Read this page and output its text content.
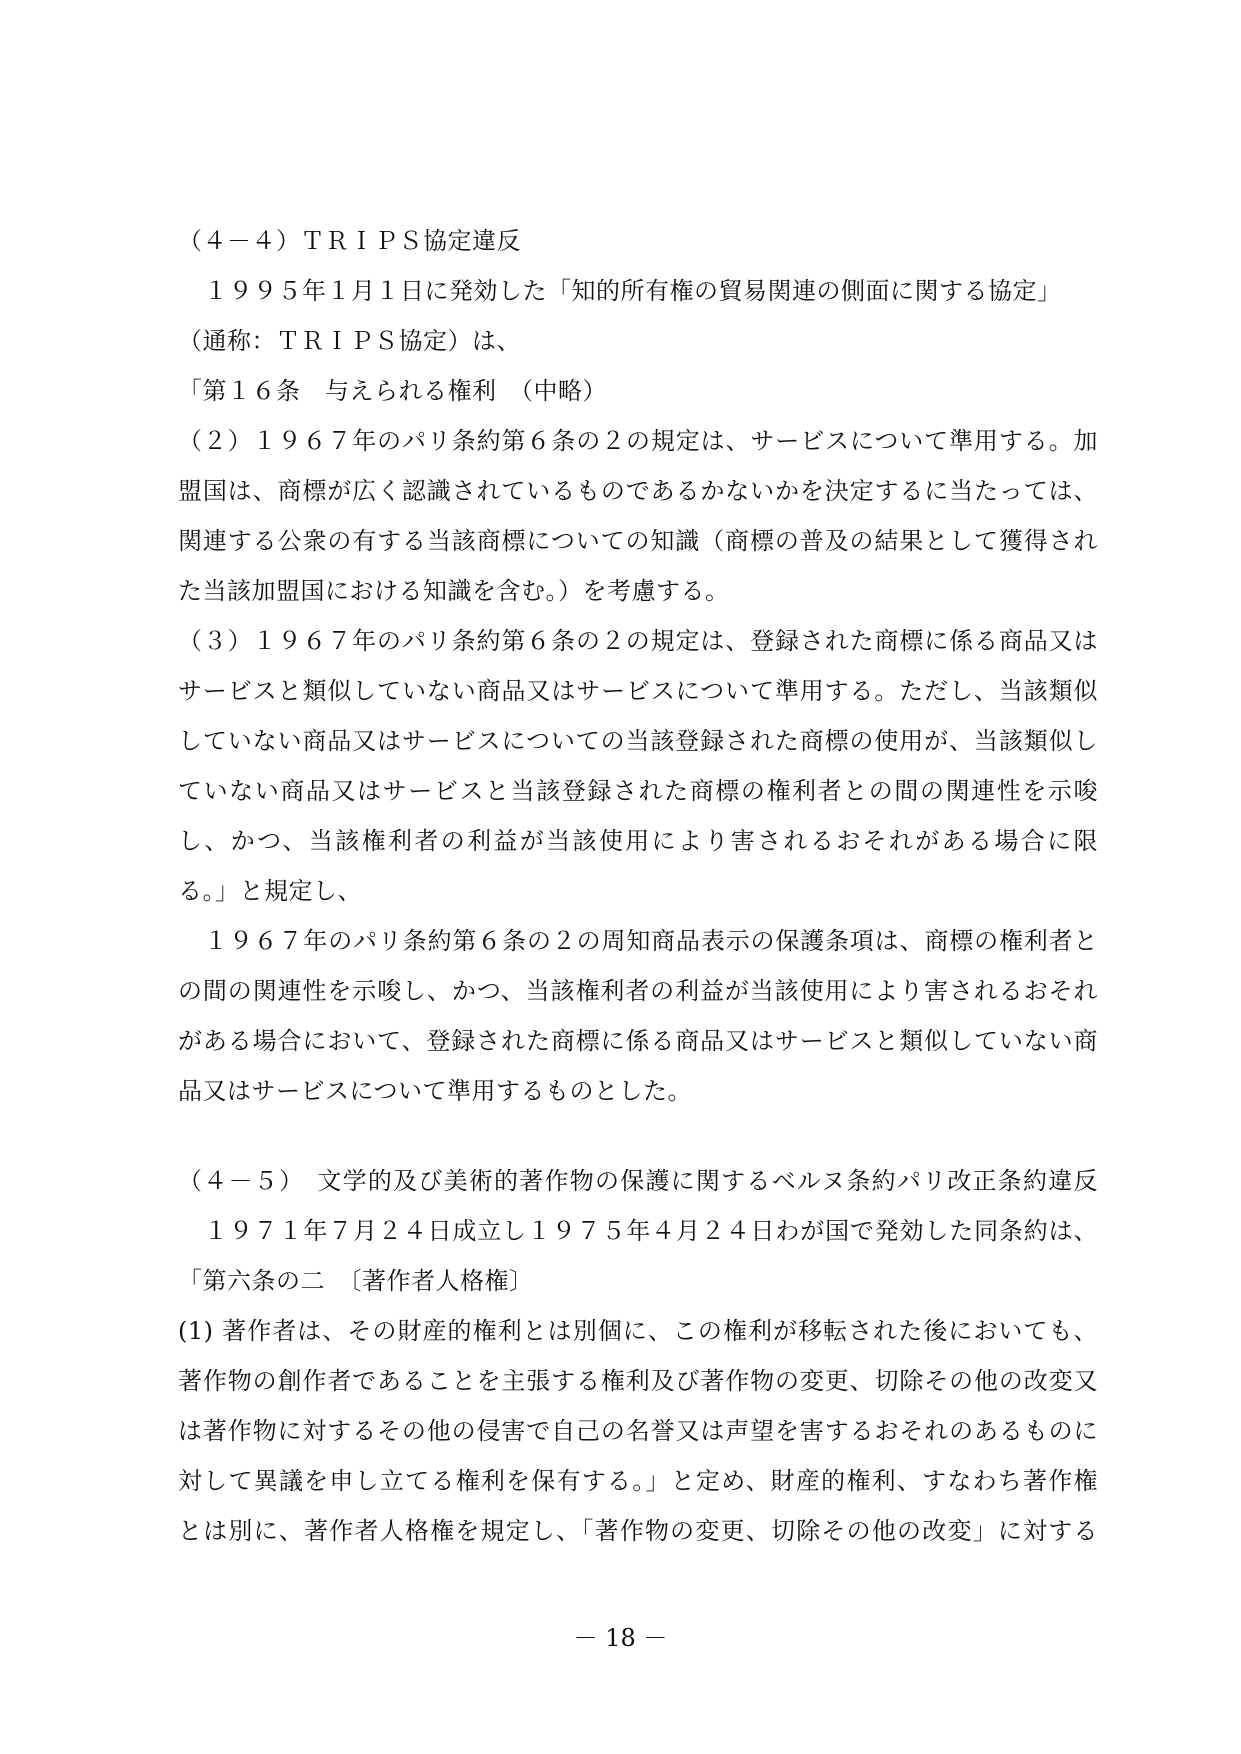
（４－４）ＴＲＩＰＳ協定違反
１９９５年１月１日に発効した「知的所有権の貿易関連の側面に関する協定」
（通称：ＴＲＩＰＳ協定）は、
「第１６条　与えられる権利　（中略）
（２）１９６７年のパリ条約第６条の２の規定は、サービスについて準用する。加
盟国は、商標が広く認識されているものであるかないかを決定するに当たっては、
関連する公衆の有する当該商標についての知識（商標の普及の結果として獲得され
た当該加盟国における知識を含む。）を考慮する。
（３）１９６７年のパリ条約第６条の２の規定は、登録された商標に係る商品又は
サービスと類似していない商品又はサービスについて準用する。ただし、当該類似
していない商品又はサービスについての当該登録された商標の使用が、当該類似し
ていない商品又はサービスと当該登録された商標の権利者との間の関連性を示唆
し、かつ、当該権利者の利益が当該使用により害されるおそれがある場合に限
る。」と規定し、
１９６７年のパリ条約第６条の２の周知商品表示の保護条項は、商標の権利者と
の間の関連性を示唆し、かつ、当該権利者の利益が当該使用により害されるおそれ
がある場合において、登録された商標に係る商品又はサービスと類似していない商
品又はサービスについて準用するものとした。
（４－５）　文学的及び美術的著作物の保護に関するベルヌ条約パリ改正条約違反
１９７１年７月２４日成立し１９７５年４月２４日わが国で発効した同条約は、
「第六条の二　〔著作者人格権〕
(1) 著作者は、その財産的権利とは別個に、この権利が移転された後においても、
著作物の創作者であることを主張する権利及び著作物の変更、切除その他の改変又
は著作物に対するその他の侵害で自己の名誉又は声望を害するおそれのあるものに
対して異議を申し立てる権利を保有する。」と定め、財産的権利、すなわち著作権
とは別に、著作者人格権を規定し、「著作物の変更、切除その他の改変」に対する
－ 18 －
